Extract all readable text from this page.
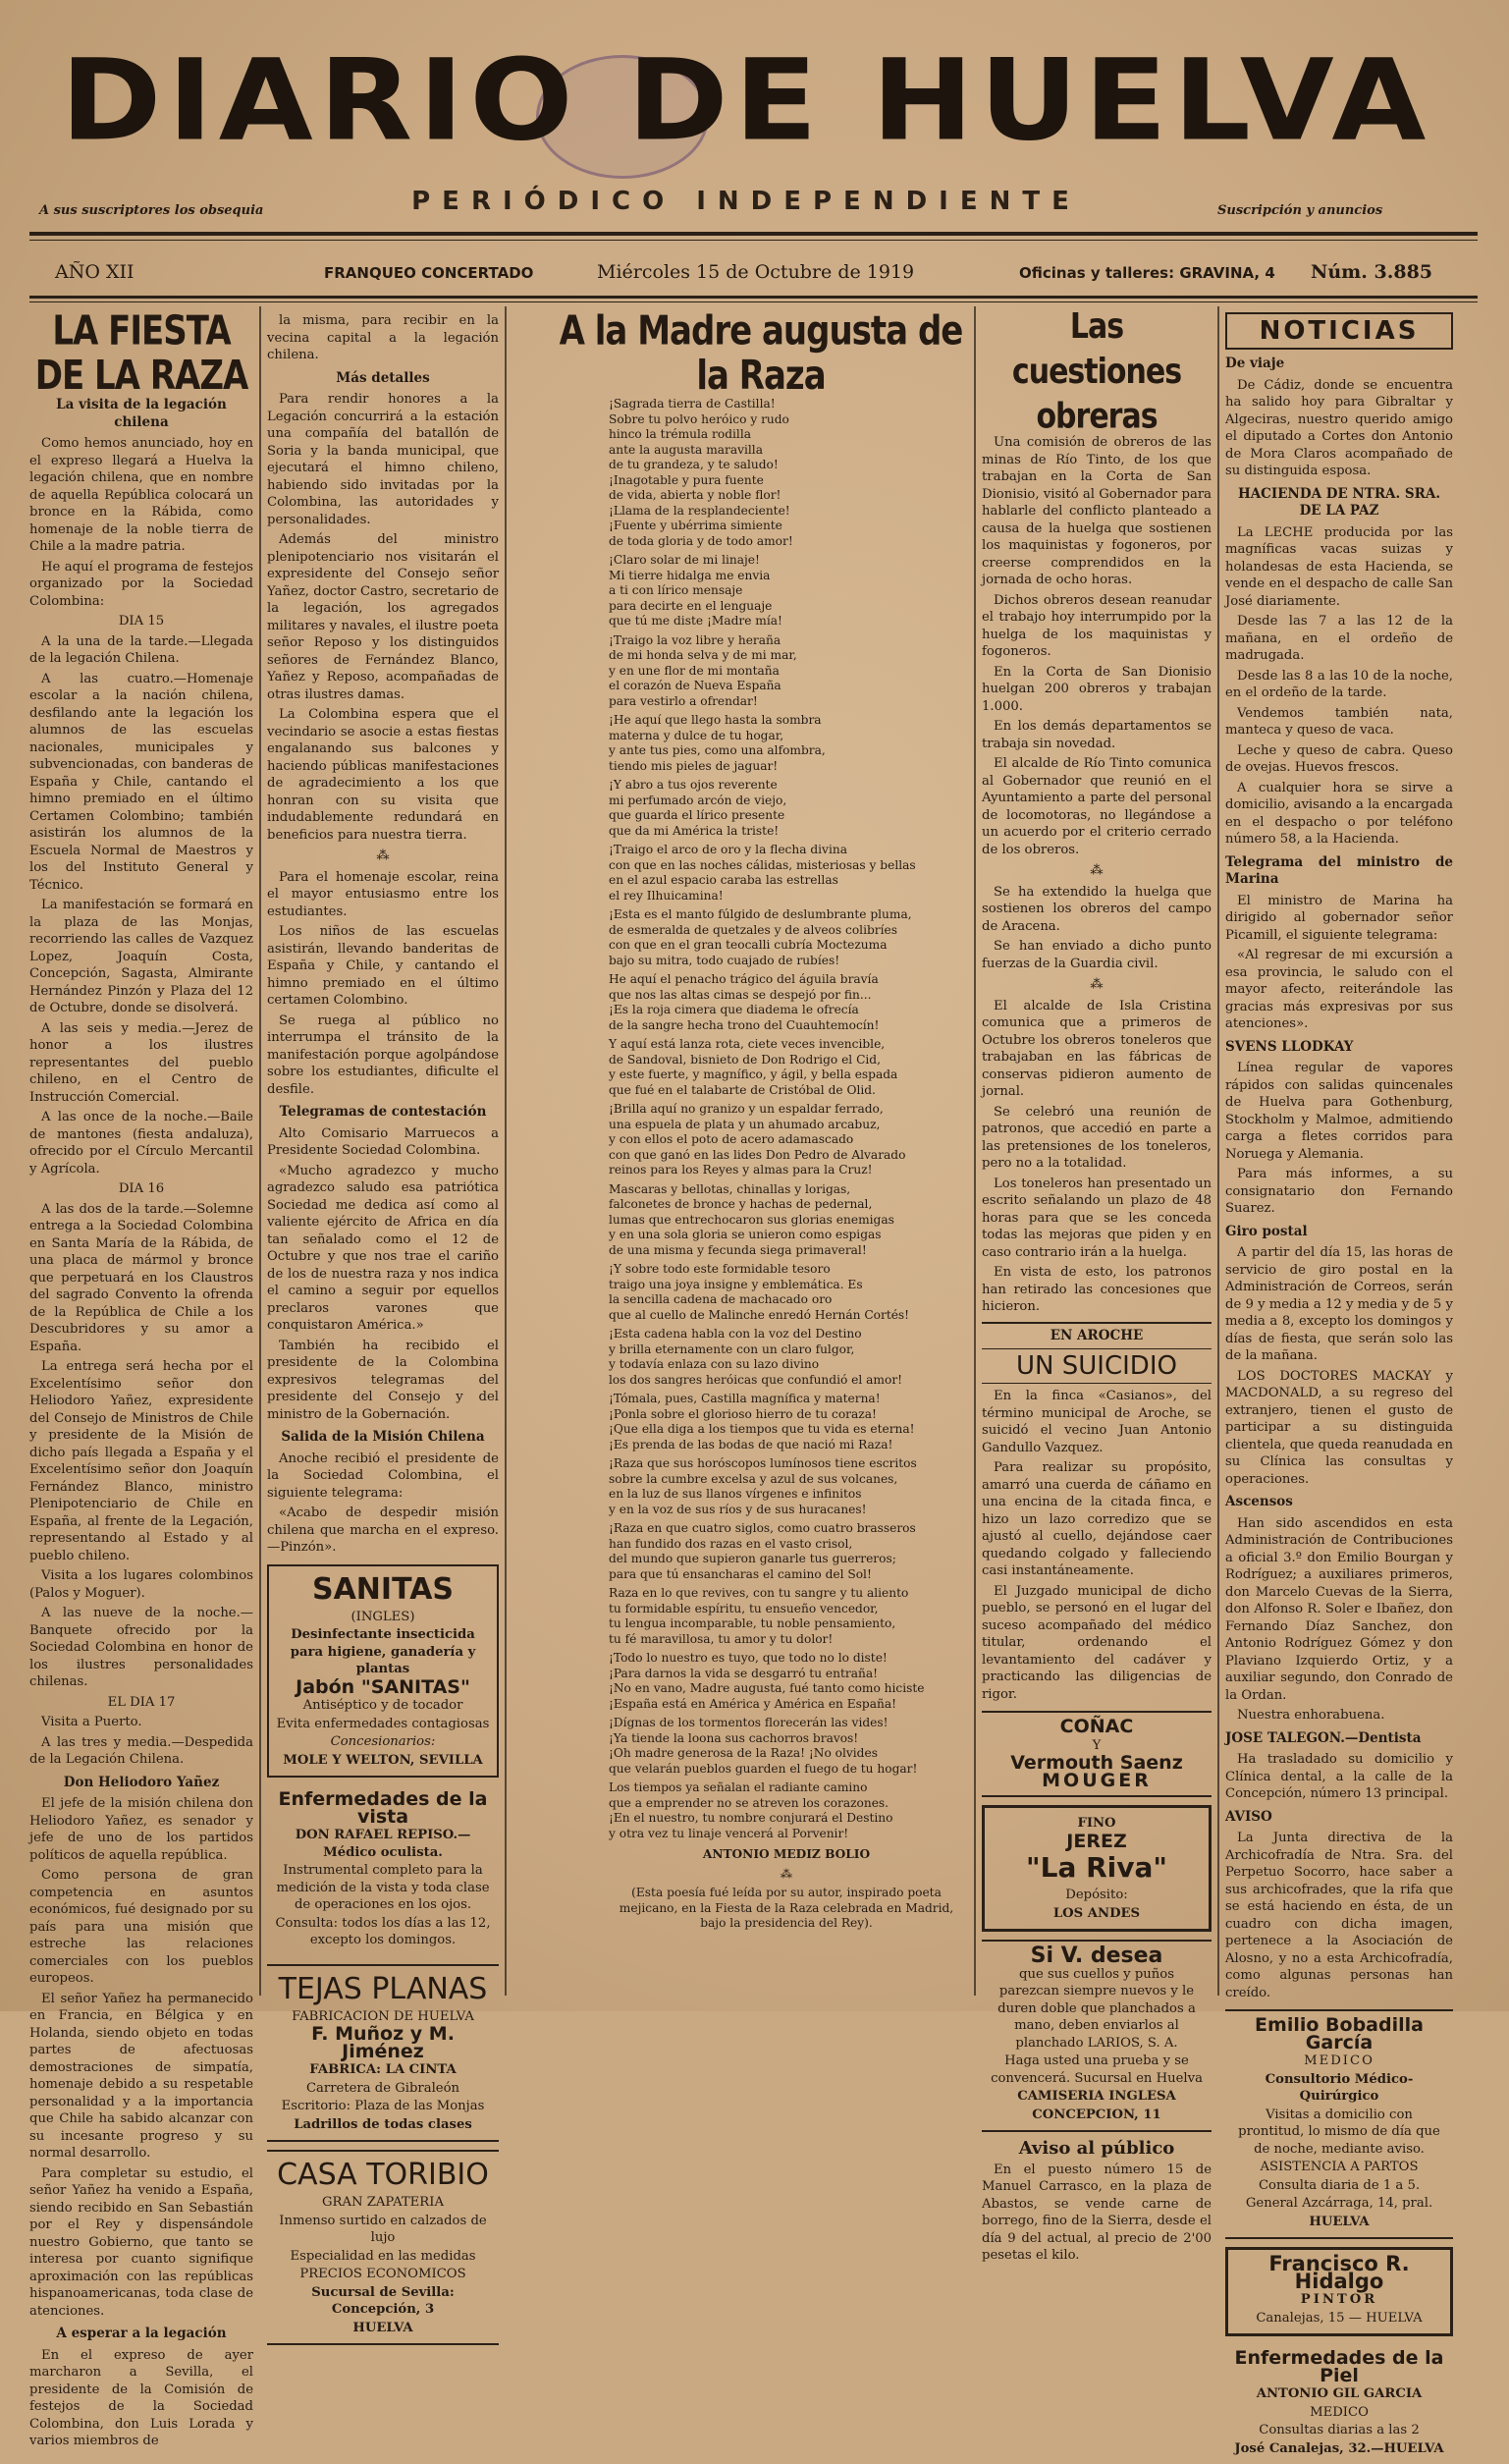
DIARIO DE HUELVA
A sus suscriptores los obsequia	PERIÓDICO INDEPENDIENTE	Suscripción y anuncios
AÑO XII	FRANQUEO CONCERTADO	Miércoles 15 de Octubre de 1919	Oficinas y talleres: GRAVINA, 4 Núm. 3.885
LA FIESTA DE LA RAZA
La visita de la legación chilena

Como hemos anunciado, hoy en el expreso llegará a Huelva la legación chilena, que en nombre de aquella República colocará un bronce en la Rábida, como homenaje de la noble tierra de Chile a la madre patria.

He aquí el programa de festejos organizado por la Sociedad Colombina:

DIA 15

A la una de la tarde.—Llegada de la legación Chilena.

A las cuatro.—Homenaje escolar a la nación chilena, desfilando ante la legación los alumnos de las escuelas nacionales, municipales y subvencionadas, con banderas de España y Chile, cantando el himno premiado en el último Certamen Colombino; también asistirán los alumnos de la Escuela Normal de Maestros y los del Instituto General y Técnico.

La manifestación se formará en la plaza de las Monjas, recorriendo las calles de Vazquez Lopez, Joaquín Costa, Concepción, Sagasta, Almirante Hernández Pinzón y Plaza del 12 de Octubre, donde se disolverá.

A las seis y media.—Jerez de honor a los ilustres representantes del pueblo chileno, en el Centro de Instrucción Comercial.

A las once de la noche.—Baile de mantones (fiesta andaluza), ofrecido por el Círculo Mercantil y Agrícola.

DIA 16

A las dos de la tarde.—Solemne entrega a la Sociedad Colombina en Santa María de la Rábida, de una placa de mármol y bronce que perpetuará en los Claustros del sagrado Convento la ofrenda de la República de Chile a los Descubridores y su amor a España.

La entrega será hecha por el Excelentísimo señor don Heliodoro Yañez, expresidente del Consejo de Ministros de Chile y presidente de la Misión de dicho país llegada a España y el Excelentísimo señor don Joaquín Fernández Blanco, ministro Plenipotenciario de Chile en España, al frente de la Legación, representando al Estado y al pueblo chileno.

Visita a los lugares colombinos (Palos y Moguer).

A las nueve de la noche.—Banquete ofrecido por la Sociedad Colombina en honor de los ilustres personalidades chilenas.

EL DIA 17

Visita a Puerto.

A las tres y media.—Despedida de la Legación Chilena.

Don Heliodoro Yañez

El jefe de la misión chilena don Heliodoro Yañez, es senador y jefe de uno de los partidos políticos de aquella república.

Como persona de gran competencia en asuntos económicos, fué designado por su país para una misión que estreche las relaciones comerciales con los pueblos europeos.

El señor Yañez ha permanecido en Francia, en Bélgica y en Holanda, siendo objeto en todas partes de afectuosas demostraciones de simpatía, homenaje debido a su respetable personalidad y a la importancia que Chile ha sabido alcanzar con su incesante progreso y su normal desarrollo.

Para completar su estudio, el señor Yañez ha venido a España, siendo recibido en San Sebastián por el Rey y dispensándole nuestro Gobierno, que tanto se interesa por cuanto signifique aproximación con las repúblicas hispanoamericanas, toda clase de atenciones.

A esperar a la legación

En el expreso de ayer marcharon a Sevilla, el presidente de la Comisión de festejos de la Sociedad Colombina, don Luis Lorada y varios miembros de

la misma, para recibir en la vecina capital a la legación chilena.

Más detalles

Para rendir honores a la Legación concurrirá a la estación una compañía del batallón de Soria y la banda municipal, que ejecutará el himno chileno, habiendo sido invitadas por la Colombina, las autoridades y personalidades.

Además del ministro plenipotenciario nos visitarán el expresidente del Consejo señor Yañez, doctor Castro, secretario de la legación, los agregados militares y navales, el ilustre poeta señor Reposo y los distinguidos señores de Fernández Blanco, Yañez y Reposo, acompañadas de otras ilustres damas.

La Colombina espera que el vecindario se asocie a estas fiestas engalanando sus balcones y haciendo públicas manifestaciones de agradecimiento a los que honran con su visita que indudablemente redundará en beneficios para nuestra tierra.

⁂

Para el homenaje escolar, reina el mayor entusiasmo entre los estudiantes.

Los niños de las escuelas asistirán, llevando banderitas de España y Chile, y cantando el himno premiado en el último certamen Colombino.

Se ruega al público no interrumpa el tránsito de la manifestación porque agolpándose sobre los estudiantes, dificulte el desfile.

Telegramas de contestación

Alto Comisario Marruecos a Presidente Sociedad Colombina.

«Mucho agradezco y mucho agradezco saludo esa patriótica Sociedad me dedica así como al valiente ejército de Africa en día tan señalado como el 12 de Octubre y que nos trae el cariño de los de nuestra raza y nos indica el camino a seguir por equellos preclaros varones que conquistaron América.»

También ha recibido el presidente de la Colombina expresivos telegramas del presidente del Consejo y del ministro de la Gobernación.

Salida de la Misión Chilena

Anoche recibió el presidente de la Sociedad Colombina, el siguiente telegrama:

«Acabo de despedir misión chilena que marcha en el expreso.—Pinzón».

SANITAS

(INGLES)

Desinfectante insecticida para higiene, ganadería y plantas

Jabón "SANITAS"

Antiséptico y de tocador

Evita enfermedades contagiosas

Concesionarios:

MOLE Y WELTON, SEVILLA

Enfermedades de la vista

DON RAFAEL REPISO.—Médico oculista.

Instrumental completo para la medición de la vista y toda clase de operaciones en los ojos.

Consulta: todos los días a las 12, excepto los domingos.

TEJAS PLANAS

FABRICACION DE HUELVA

F. Muñoz y M. Jiménez

FABRICA: LA CINTA

Carretera de Gibraleón

Escritorio: Plaza de las Monjas

Ladrillos de todas clases

CASA TORIBIO

GRAN ZAPATERIA

Inmenso surtido en calzados de lujo

Especialidad en las medidas

PRECIOS ECONOMICOS

Sucursal de Sevilla: Concepción, 3

HUELVA

A la Madre augusta de la Raza

¡Sagrada tierra de Castilla!

Sobre tu polvo heróico y rudo

hinco la trémula rodilla

ante la augusta maravilla

de tu grandeza, y te saludo!

¡Inagotable y pura fuente

de vida, abierta y noble flor!

¡Llama de la resplandeciente!

¡Fuente y ubérrima simiente

de toda gloria y de todo amor!

¡Claro solar de mi linaje!

Mi tierre hidalga me envia

a ti con lírico mensaje

para decirte en el lenguaje

que tú me diste ¡Madre mía!

¡Traigo la voz libre y heraña

de mi honda selva y de mi mar,

y en une flor de mi montaña

el corazón de Nueva España

para vestirlo a ofrendar!

¡He aquí que llego hasta la sombra

materna y dulce de tu hogar,

y ante tus pies, como una alfombra,

tiendo mis pieles de jaguar!

¡Y abro a tus ojos reverente

mi perfumado arcón de viejo,

que guarda el lírico presente

que da mi América la triste!

¡Traigo el arco de oro y la flecha divina

con que en las noches cálidas, misteriosas y bellas

en el azul espacio caraba las estrellas

el rey Ilhuicamina!

¡Esta es el manto fúlgido de deslumbrante pluma,

de esmeralda de quetzales y de alveos colibríes

con que en el gran teocalli cubría Moctezuma

bajo su mitra, todo cuajado de rubíes!

He aquí el penacho trágico del águila bravía

que nos las altas cimas se despejó por fin...

¡Es la roja cimera que diadema le ofrecía

de la sangre hecha trono del Cuauhtemocín!

Y aquí está lanza rota, ciete veces invencible,

de Sandoval, bisnieto de Don Rodrigo el Cid,

y este fuerte, y magnífico, y ágil, y bella espada

que fué en el talabarte de Cristóbal de Olid.

¡Brilla aquí no granizo y un espaldar ferrado,

una espuela de plata y un ahumado arcabuz,

y con ellos el poto de acero adamascado

con que ganó en las lides Don Pedro de Alvarado

reinos para los Reyes y almas para la Cruz!

Mascaras y bellotas, chinallas y lorigas,

falconetes de bronce y hachas de pedernal,

lumas que entrechocaron sus glorias enemigas

y en una sola gloria se unieron como espigas

de una misma y fecunda siega primaveral!

¡Y sobre todo este formidable tesoro

traigo una joya insigne y emblemática. Es

la sencilla cadena de machacado oro

que al cuello de Malinche enredó Hernán Cortés!

¡Esta cadena habla con la voz del Destino

y brilla eternamente con un claro fulgor,

y todavía enlaza con su lazo divino

los dos sangres heróicas que confundió el amor!

¡Tómala, pues, Castilla magnífica y materna!

¡Ponla sobre el glorioso hierro de tu coraza!

¡Que ella diga a los tiempos que tu vida es eterna!

¡Es prenda de las bodas de que nació mi Raza!

¡Raza que sus horóscopos lumínosos tiene escritos

sobre la cumbre excelsa y azul de sus volcanes,

en la luz de sus llanos vírgenes e infinitos

y en la voz de sus ríos y de sus huracanes!

¡Raza en que cuatro siglos, como cuatro brasseros

han fundido dos razas en el vasto crisol,

del mundo que supieron ganarle tus guerreros;

para que tú ensancharas el camino del Sol!

Raza en lo que revives, con tu sangre y tu aliento

tu formidable espíritu, tu ensueño vencedor,

tu lengua incomparable, tu noble pensamiento,

tu fé maravillosa, tu amor y tu dolor!

¡Todo lo nuestro es tuyo, que todo no lo diste!

¡Para darnos la vida se desgarró tu entraña!

¡No en vano, Madre augusta, fué tanto como hiciste

¡España está en América y América en España!

¡Dígnas de los tormentos florecerán las vides!

¡Ya tiende la loona sus cachorros bravos!

¡Oh madre generosa de la Raza! ¡No olvides

que velarán pueblos guarden el fuego de tu hogar!

Los tiempos ya señalan el radiante camino

que a emprender no se atreven los corazones.

¡En el nuestro, tu nombre conjurará el Destino

y otra vez tu linaje vencerá al Porvenir!

ANTONIO MEDIZ BOLIO
⁂

(Esta poesía fué leída por su autor, inspirado poeta mejicano, en la Fiesta de la Raza celebrada en Madrid, bajo la presidencia del Rey).

Las cuestiones obreras

Una comisión de obreros de las minas de Río Tinto, de los que trabajan en la Corta de San Dionisio, visitó al Gobernador para hablarle del conflicto planteado a causa de la huelga que sostienen los maquinistas y fogoneros, por creerse comprendidos en la jornada de ocho horas.

Dichos obreros desean reanudar el trabajo hoy interrumpido por la huelga de los maquinistas y fogoneros.

En la Corta de San Dionisio huelgan 200 obreros y trabajan 1.000.

En los demás departamentos se trabaja sin novedad.

El alcalde de Río Tinto comunica al Gobernador que reunió en el Ayuntamiento a parte del personal de locomotoras, no llegándose a un acuerdo por el criterio cerrado de los obreros.

⁂

Se ha extendido la huelga que sostienen los obreros del campo de Aracena.

Se han enviado a dicho punto fuerzas de la Guardia civil.

⁂

El alcalde de Isla Cristina comunica que a primeros de Octubre los obreros toneleros que trabajaban en las fábricas de conservas pidieron aumento de jornal.

Se celebró una reunión de patronos, que accedió en parte a las pretensiones de los toneleros, pero no a la totalidad.

Los toneleros han presentado un escrito señalando un plazo de 48 horas para que se les conceda todas las mejoras que piden y en caso contrario irán a la huelga.

En vista de esto, los patronos han retirado las concesiones que hicieron.

EN AROCHE
UN SUICIDIO

En la finca «Casianos», del término municipal de Aroche, se suicidó el vecino Juan Antonio Gandullo Vazquez.

Para realizar su propósito, amarró una cuerda de cáñamo en una encina de la citada finca, e hizo un lazo corredizo que se ajustó al cuello, dejándose caer quedando colgado y falleciendo casi instantáneamente.

El Juzgado municipal de dicho pueblo, se personó en el lugar del suceso acompañado del médico titular, ordenando el levantamiento del cadáver y practicando las diligencias de rigor.

COÑAC

Y

Vermouth Saenz
MOUGER

FINO

JEREZ
"La Riva"

Depósito:

LOS ANDES

Si V. desea

que sus cuellos y puños parezcan siempre nuevos y le duren doble que planchados a mano, deben enviarlos al planchado LARIOS, S. A.

Haga usted una prueba y se convencerá. Sucursal en Huelva

CAMISERIA INGLESA

CONCEPCION, 11

Aviso al público

En el puesto número 15 de Manuel Carrasco, en la plaza de Abastos, se vende carne de borrego, fino de la Sierra, desde el día 9 del actual, al precio de 2'00 pesetas el kilo.

NOTICIAS
De viaje

De Cádiz, donde se encuentra ha salido hoy para Gibraltar y Algeciras, nuestro querido amigo el diputado a Cortes don Antonio de Mora Claros acompañado de su distinguida esposa.

HACIENDA DE NTRA. SRA. DE LA PAZ

La LECHE producida por las magníficas vacas suizas y holandesas de esta Hacienda, se vende en el despacho de calle San José diariamente.

Desde las 7 a las 12 de la mañana, en el ordeño de madrugada.

Desde las 8 a las 10 de la noche, en el ordeño de la tarde.

Vendemos también nata, manteca y queso de vaca.

Leche y queso de cabra. Queso de ovejas. Huevos frescos.

A cualquier hora se sirve a domicilio, avisando a la encargada en el despacho o por teléfono número 58, a la Hacienda.

Telegrama del ministro de Marina

El ministro de Marina ha dirigido al gobernador señor Picamill, el siguiente telegrama:

«Al regresar de mi excursión a esa provincia, le saludo con el mayor afecto, reiterándole las gracias más expresivas por sus atenciones».

SVENS LLODKAY

Línea regular de vapores rápidos con salidas quincenales de Huelva para Gothenburg, Stockholm y Malmoe, admitiendo carga a fletes corridos para Noruega y Alemania.

Para más informes, a su consignatario don Fernando Suarez.

Giro postal

A partir del día 15, las horas de servicio de giro postal en la Administración de Correos, serán de 9 y media a 12 y media y de 5 y media a 8, excepto los domingos y días de fiesta, que serán solo las de la mañana.

LOS DOCTORES MACKAY y MACDONALD, a su regreso del extranjero, tienen el gusto de participar a su distinguida clientela, que queda reanudada en su Clínica las consultas y operaciones.

Ascensos

Han sido ascendidos en esta Administración de Contribuciones a oficial 3.º don Emilio Bourgan y Rodríguez; a auxiliares primeros, don Marcelo Cuevas de la Sierra, don Alfonso R. Soler e Ibañez, don Fernando Díaz Sanchez, don Antonio Rodríguez Gómez y don Plaviano Izquierdo Ortiz, y a auxiliar segundo, don Conrado de la Ordan.

Nuestra enhorabuena.

JOSE TALEGON.—Dentista

Ha trasladado su domicilio y Clínica dental, a la calle de la Concepción, número 13 principal.

AVISO

La Junta directiva de la Archicofradía de Ntra. Sra. del Perpetuo Socorro, hace saber a sus archicofrades, que la rifa que se está haciendo en ésta, de un cuadro con dicha imagen, pertenece a la Asociación de Alosno, y no a esta Archicofradía, como algunas personas han creído.

Emilio Bobadilla García

MEDICO

Consultorio Médico-Quirúrgico

Visitas a domicilio con prontitud, lo mismo de día que de noche, mediante aviso.

ASISTENCIA A PARTOS

Consulta diaria de 1 a 5.

General Azcárraga, 14, pral.

HUELVA

Francisco R. Hidalgo

PINTOR

Canalejas, 15 — HUELVA

Enfermedades de la Piel

ANTONIO GIL GARCIA

MEDICO

Consultas diarias a las 2

José Canalejas, 32.—HUELVA
